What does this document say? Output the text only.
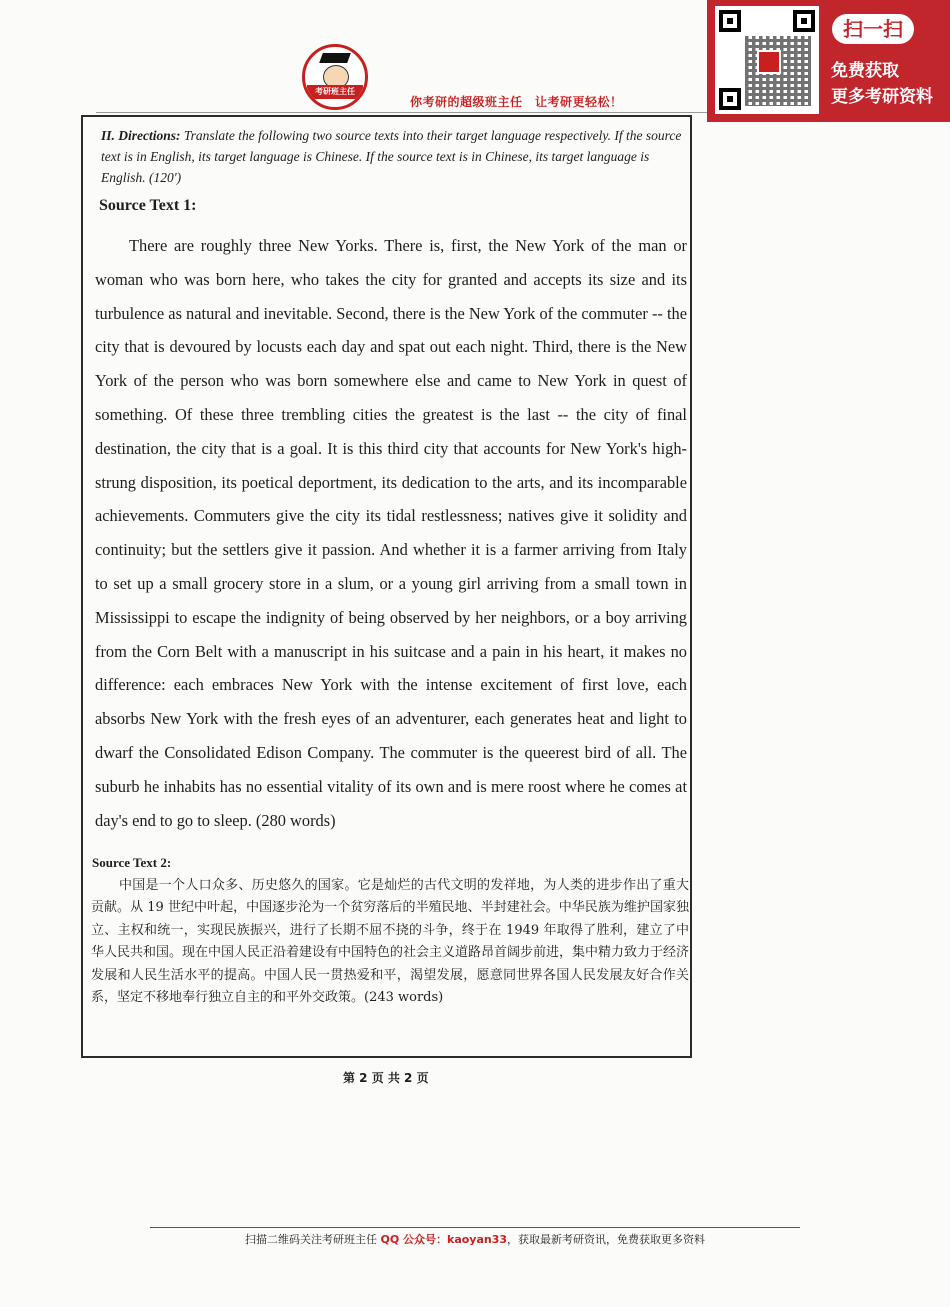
考研班主任
你考研的超级班主任　让考研更轻松！
扫一扫
免费获取
更多考研资料
II. Directions: Translate the following two source texts into their target language respectively. If the source text is in English, its target language is Chinese. If the source text is in Chinese, its target language is English. (120')
Source Text 1:
There are roughly three New Yorks. There is, first, the New York of the man or woman who was born here, who takes the city for granted and accepts its size and its turbulence as natural and inevitable. Second, there is the New York of the commuter -- the city that is devoured by locusts each day and spat out each night. Third, there is the New York of the person who was born somewhere else and came to New York in quest of something. Of these three trembling cities the greatest is the last -- the city of final destination, the city that is a goal. It is this third city that accounts for New York's high-strung disposition, its poetical deportment, its dedication to the arts, and its incomparable achievements. Commuters give the city its tidal restlessness; natives give it solidity and continuity; but the settlers give it passion. And whether it is a farmer arriving from Italy to set up a small grocery store in a slum, or a young girl arriving from a small town in Mississippi to escape the indignity of being observed by her neighbors, or a boy arriving from the Corn Belt with a manuscript in his suitcase and a pain in his heart, it makes no difference: each embraces New York with the intense excitement of first love, each absorbs New York with the fresh eyes of an adventurer, each generates heat and light to dwarf the Consolidated Edison Company. The commuter is the queerest bird of all. The suburb he inhabits has no essential vitality of its own and is mere roost where he comes at day's end to go to sleep. (280 words)
Source Text 2:
中国是一个人口众多、历史悠久的国家。它是灿烂的古代文明的发祥地，为人类的进步作出了重大贡献。从 19 世纪中叶起，中国逐步沦为一个贫穷落后的半殖民地、半封建社会。中华民族为维护国家独立、主权和统一，实现民族振兴，进行了长期不屈不挠的斗争，终于在 1949 年取得了胜利，建立了中华人民共和国。现在中国人民正沿着建设有中国特色的社会主义道路昂首阔步前进，集中精力致力于经济发展和人民生活水平的提高。中国人民一贯热爱和平，渴望发展，愿意同世界各国人民发展友好合作关系，坚定不移地奉行独立自主的和平外交政策。(243 words)
第 2 页 共 2 页
扫描二维码关注考研班主任 QQ 公众号：kaoyan33，获取最新考研资讯，免费获取更多资料
